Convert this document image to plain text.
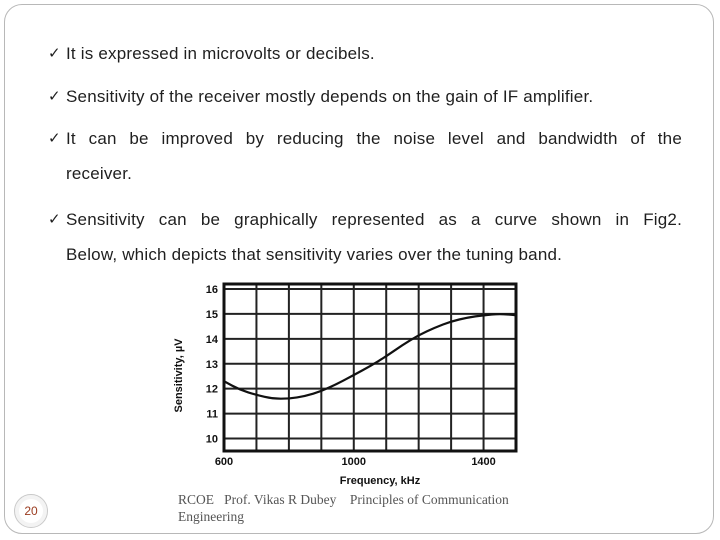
✓ It is expressed in microvolts or decibels.
✓ Sensitivity of the receiver mostly depends on the gain of IF amplifier.
✓ It can be improved by reducing the noise level and bandwidth of the
receiver.
✓ Sensitivity can be graphically represented as a curve shown in Fig2.
Below, which depicts that sensitivity varies over the tuning band.
10
11
12
13
14
15
16
600	1000	1400
Frequency, kHz
Sensitivity, µV
20
RCOE Prof. Vikas R Dubey Principles of Communication
Engineering
